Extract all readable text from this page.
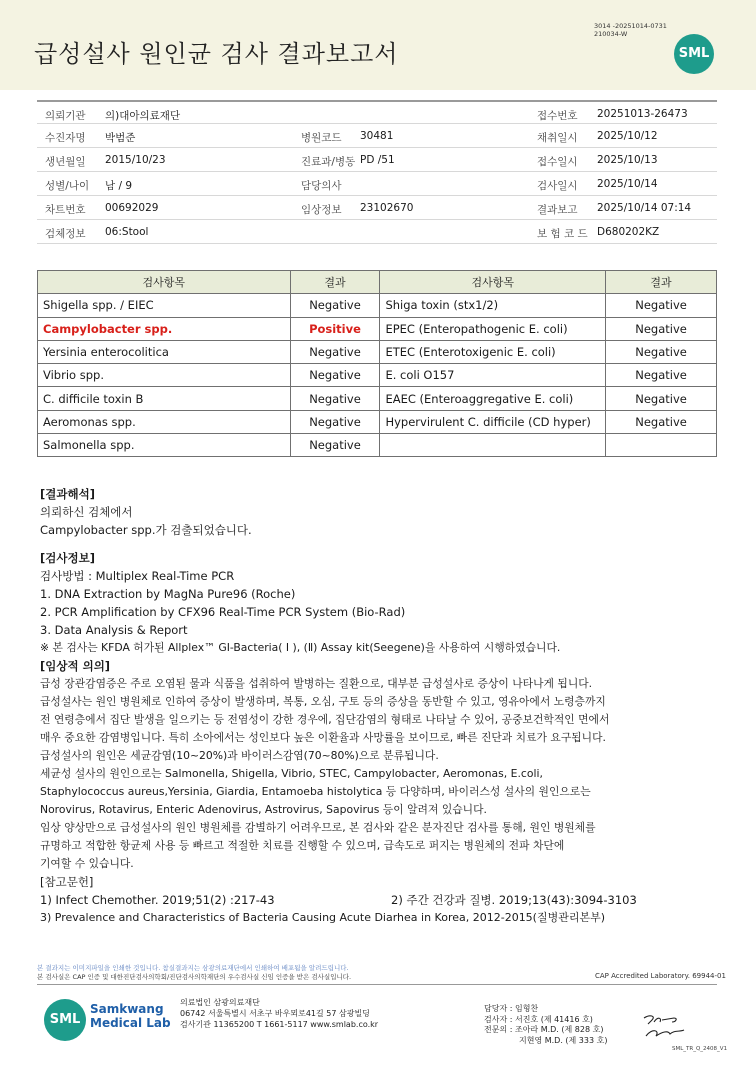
급성설사 원인균 검사 결과보고서
3014 -20251014-0731
210034-W
SML
의뢰기관 의)대아의료재단	접수번호 20251013-26473
수진자명 박범준	병원코드 30481	채취일시 2025/10/12
생년월일 2015/10/23	진료과/병동 PD /51	접수일시 2025/10/13
성별/나이 남 / 9	담당의사	검사일시 2025/10/14
차트번호 00692029	임상정보 23102670	결과보고 2025/10/14 07:14
검체정보 06:Stool	보 험 코 드 D680202KZ
검사항목	결과	검사항목	결과
Shigella spp. / EIEC	Negative	Shiga toxin (stx1/2)	Negative
Campylobacter spp.	Positive	EPEC (Enteropathogenic E. coli)	Negative
Yersinia enterocolitica	Negative	ETEC (Enterotoxigenic E. coli)	Negative
Vibrio spp.	Negative	E. coli O157	Negative
C. difficile toxin B	Negative	EAEC (Enteroaggregative E. coli)	Negative
Aeromonas spp.	Negative	Hypervirulent C. difficile (CD hyper)	Negative
Salmonella spp.	Negative		

[결과해석]

의뢰하신 검체에서

Campylobacter spp.가 검출되었습니다.

[검사정보]

검사방법 : Multiplex Real-Time PCR

1. DNA Extraction by MagNa Pure96 (Roche)

2. PCR Amplification by CFX96 Real-Time PCR System (Bio-Rad)

3. Data Analysis & Report

※ 본 검사는 KFDA 허가된 Allplex™ GI-Bacteria( Ⅰ ), (Ⅱ) Assay kit(Seegene)을 사용하여 시행하였습니다.

[임상적 의의]

급성 장관감염증은 주로 오염된 물과 식품을 섭취하여 발병하는 질환으로, 대부분 급성설사로 증상이 나타나게 됩니다.

급성설사는 원인 병원체로 인하여 증상이 발생하며, 복통, 오심, 구토 등의 증상을 동반할 수 있고, 영유아에서 노령층까지

전 연령층에서 집단 발생을 일으키는 등 전염성이 강한 경우에, 집단감염의 형태로 나타날 수 있어, 공중보건학적인 면에서

매우 중요한 감염병입니다. 특히 소아에서는 성인보다 높은 이환율과 사망률을 보이므로, 빠른 진단과 치료가 요구됩니다.

급성설사의 원인은 세균감염(10~20%)과 바이러스감염(70~80%)으로 분류됩니다.

세균성 설사의 원인으로는 Salmonella, Shigella, Vibrio, STEC, Campylobacter, Aeromonas, E.coli,

Staphylococcus aureus,Yersinia, Giardia, Entamoeba histolytica 등 다양하며, 바이러스성 설사의 원인으로는

Norovirus, Rotavirus, Enteric Adenovirus, Astrovirus, Sapovirus 등이 알려져 있습니다.

임상 양상만으로 급성설사의 원인 병원체를 감별하기 어려우므로, 본 검사와 같은 분자진단 검사를 통해, 원인 병원체를

규명하고 적합한 항균제 사용 등 빠르고 적절한 치료를 진행할 수 있으며, 급속도로 퍼지는 병원체의 전파 차단에

기여할 수 있습니다.

[참고문헌]

1) Infect Chemother. 2019;51(2) :217-43	2) 주간 건강과 질병. 2019;13(43):3094-3103

3) Prevalence and Characteristics of Bacteria Causing Acute Diarhea in Korea, 2012-2015(질병관리본부)

본 결과지는 이미지파일을 인쇄한 것입니다. 참실결과지는 삼광의료재단에서 인쇄하여 배포됨을 알려드립니다.
본 검사실은 CAP 인증 및 대한진단검사의학회/진단검사의학재단의 우수검사실 신임 인증을 받은 검사실입니다.	CAP Accredited Laboratory. 69944-01
SML
Samkwang
Medical Lab
의료법인 삼광의료재단
06742 서울특별시 서초구 바우뫼로41길 57 삼광빌딩
검사기관 11365200 T 1661-5117 www.smlab.co.kr
담당자 : 임형찬
검사자 : 서진호 (제 41416 호)
전문의 : 조아라 M.D. (제 828 호)
지현영 M.D. (제 333 호)
SML_TR_Q_2408_V1
